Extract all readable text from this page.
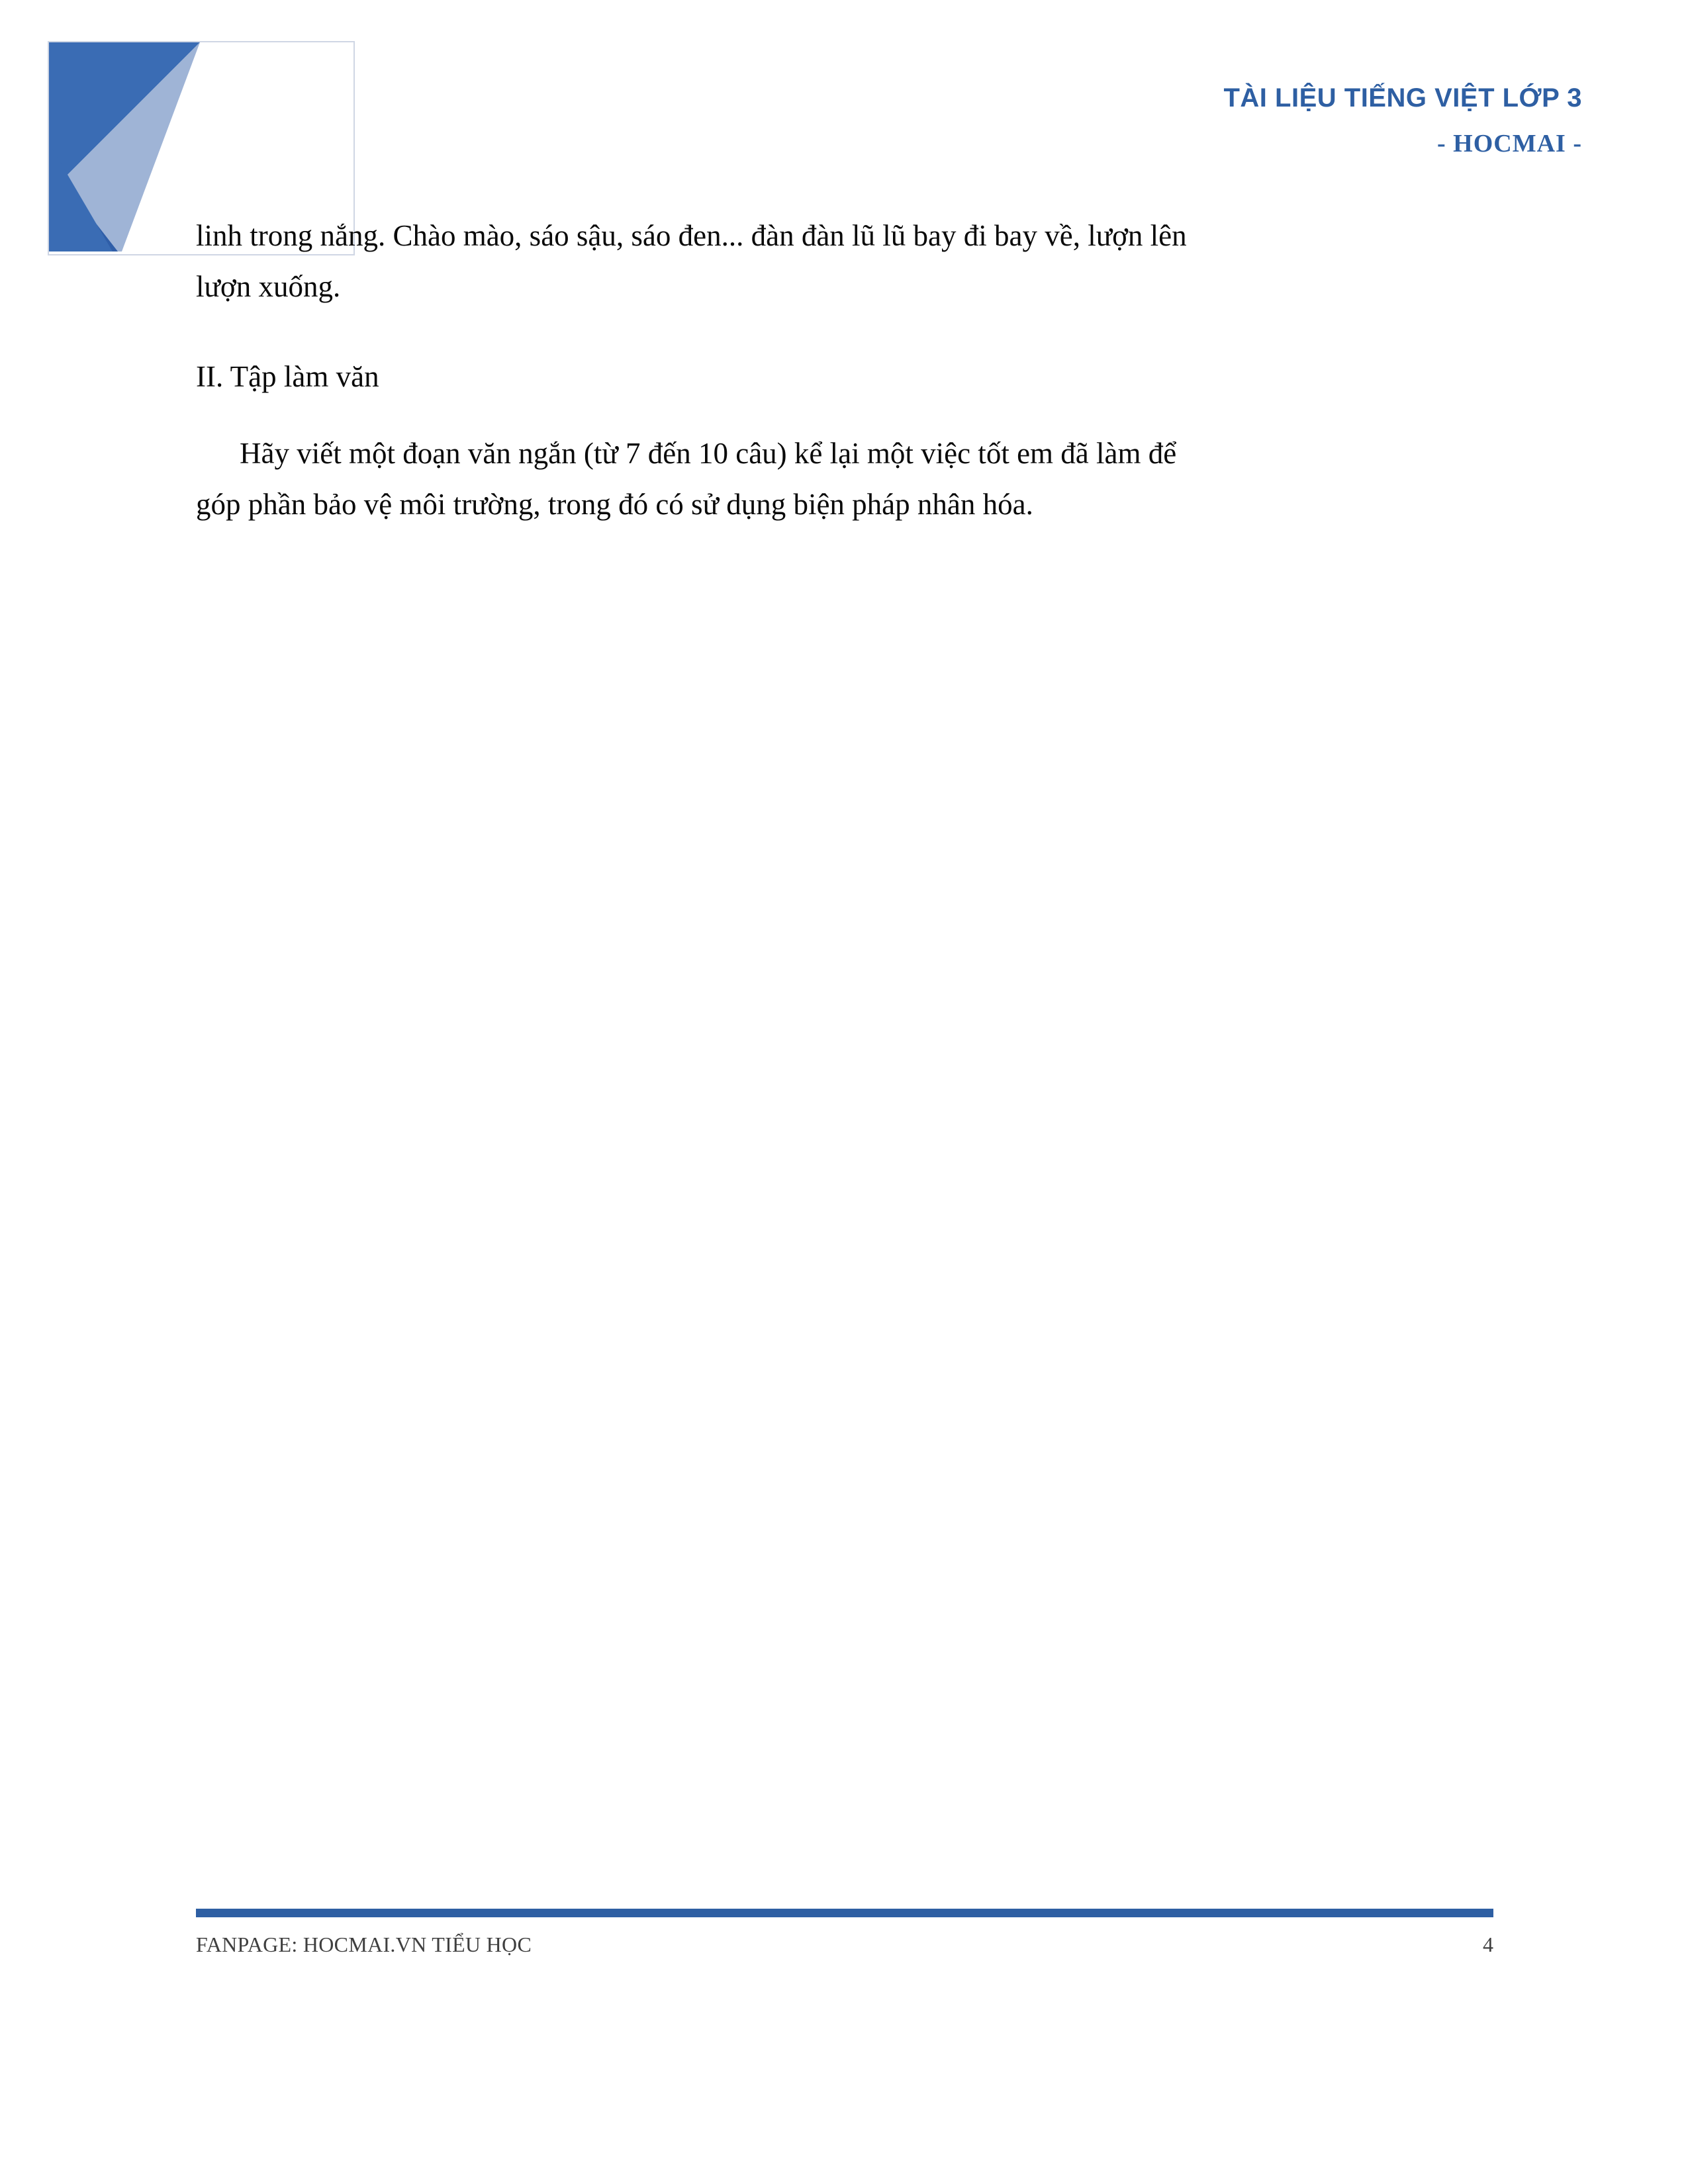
TÀI LIỆU TIẾNG VIỆT LỚP 3
- HOCMAI -

linh trong nắng. Chào mào, sáo sậu, sáo đen... đàn đàn lũ lũ bay đi bay về, lượn lên

lượn xuống.

II. Tập làm văn

Hãy viết một đoạn văn ngắn (từ 7 đến 10 câu) kể lại một việc tốt em đã làm để

góp phần bảo vệ môi trường, trong đó có sử dụng biện pháp nhân hóa.

FANPAGE: HOCMAI.VN TIỂU HỌC	4
